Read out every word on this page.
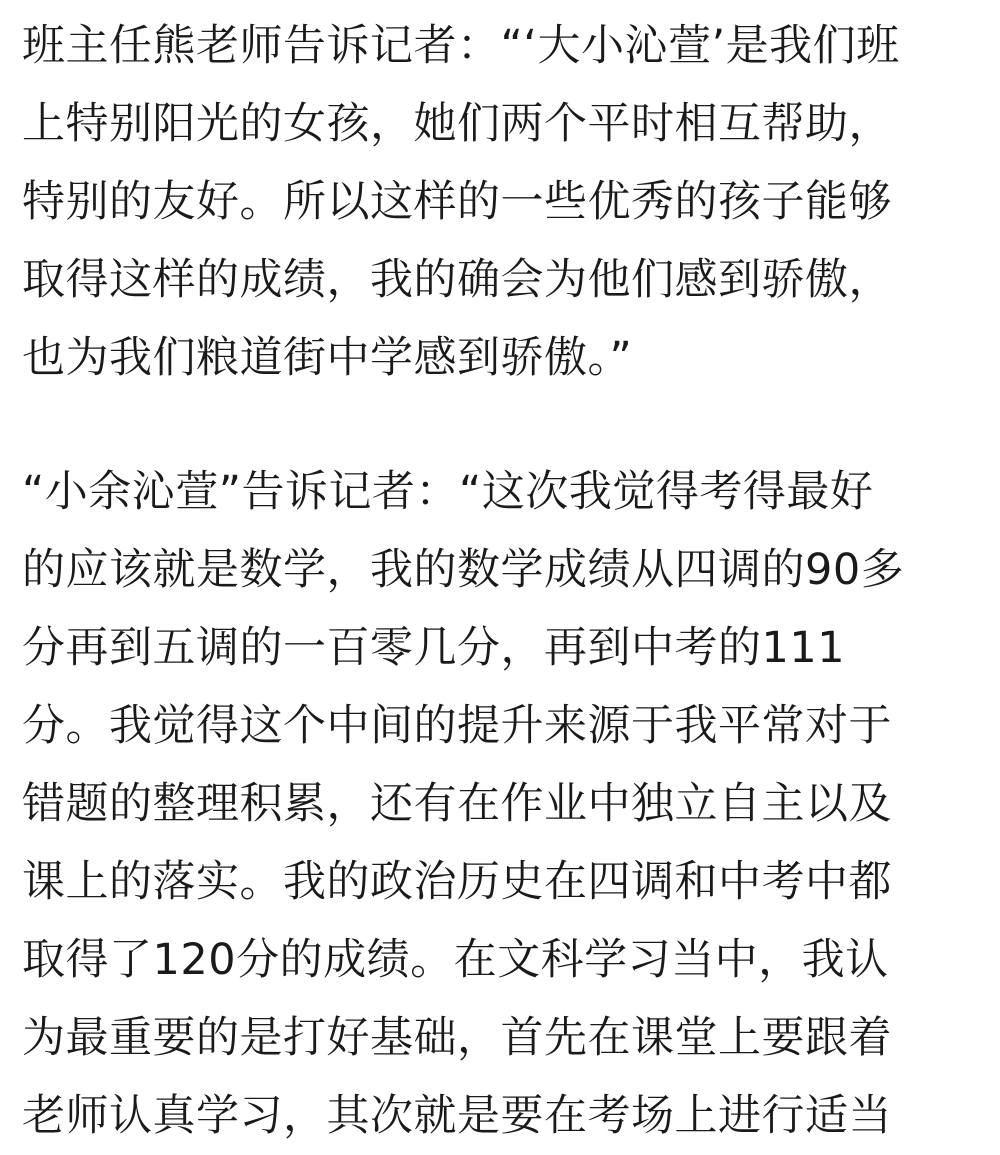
班主任熊老师告诉记者：“‘大小沁萱’是我们班
上特别阳光的女孩，她们两个平时相互帮助，
特别的友好。所以这样的一些优秀的孩子能够
取得这样的成绩，我的确会为他们感到骄傲，
也为我们粮道街中学感到骄傲。”
“小余沁萱”告诉记者：“这次我觉得考得最好
的应该就是数学，我的数学成绩从四调的90多
分再到五调的一百零几分，再到中考的111
分。我觉得这个中间的提升来源于我平常对于
错题的整理积累，还有在作业中独立自主以及
课上的落实。我的政治历史在四调和中考中都
取得了120分的成绩。在文科学习当中，我认
为最重要的是打好基础，首先在课堂上要跟着
老师认真学习，其次就是要在考场上进行适当
